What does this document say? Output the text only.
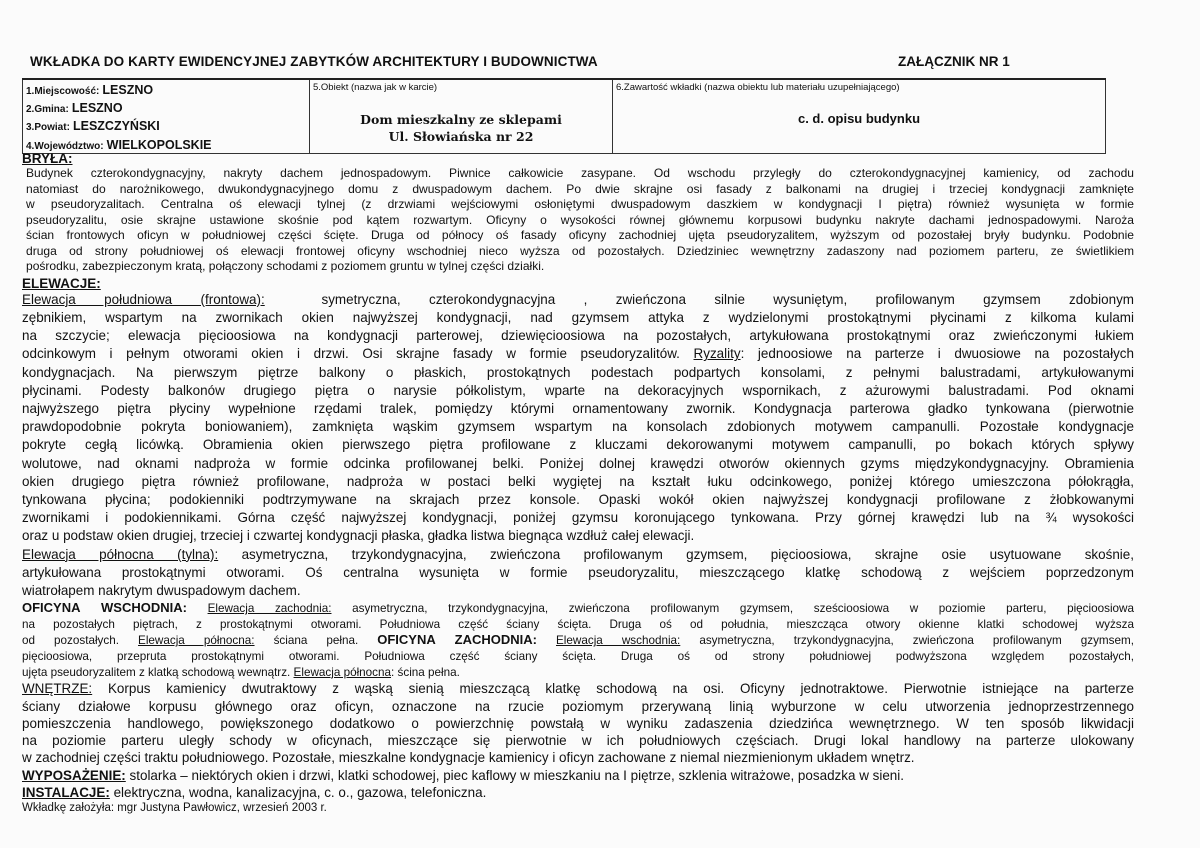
WKŁADKA DO KARTY EWIDENCYJNEJ ZABYTKÓW ARCHITEKTURY I BUDOWNICTWA	ZAŁĄCZNIK NR 1
1.Miejscowość: LESZNO
2.Gmina: LESZNO
3.Powiat: LESZCZYŃSKI
4.Województwo: WIELKOPOLSKIE
5.Obiekt (nazwa jak w karcie)
Dom mieszkalny ze sklepami
Ul. Słowiańska nr 22
6.Zawartość wkładki (nazwa obiektu lub materiału uzupełniającego)
c. d. opisu budynku
BRYŁA:
Budynek czterokondygnacyjny, nakryty dachem jednospadowym. Piwnice całkowicie zasypane. Od wschodu przyległy do czterokondygnacyjnej kamienicy, od zachodu
natomiast do narożnikowego, dwukondygnacyjnego domu z dwuspadowym dachem. Po dwie skrajne osi fasady z balkonami na drugiej i trzeciej kondygnacji zamknięte
w pseudoryzalitach. Centralna oś elewacji tylnej (z drzwiami wejściowymi osłoniętymi dwuspadowym daszkiem w kondygnacji I piętra) również wysunięta w formie
pseudoryzalitu, osie skrajne ustawione skośnie pod kątem rozwartym. Oficyny o wysokości równej głównemu korpusowi budynku nakryte dachami jednospadowymi. Naroża
ścian frontowych oficyn w południowej części ścięte. Druga od północy oś fasady oficyny zachodniej ujęta pseudoryzalitem, wyższym od pozostałej bryły budynku. Podobnie
druga od strony południowej oś elewacji frontowej oficyny wschodniej nieco wyższa od pozostałych. Dziedziniec wewnętrzny zadaszony nad poziomem parteru, ze świetlikiem
pośrodku, zabezpieczonym kratą, połączony schodami z poziomem gruntu w tylnej części działki.
ELEWACJE:
Elewacja południowa (frontowa):	symetryczna, czterokondygnacyjna , zwieńczona silnie wysuniętym, profilowanym gzymsem zdobionym
zębnikiem, wspartym na zwornikach okien najwyższej kondygnacji, nad gzymsem attyka z wydzielonymi prostokątnymi płycinami z kilkoma kulami
na szczycie; elewacja pięcioosiowa na kondygnacji parterowej, dziewięcioosiowa na pozostałych, artykułowana prostokątnymi oraz zwieńczonymi łukiem
odcinkowym i pełnym otworami okien i drzwi. Osi skrajne fasady w formie pseudoryzalitów. Ryzality: jednoosiowe na parterze i dwuosiowe na pozostałych
kondygnacjach. Na pierwszym piętrze balkony o płaskich, prostokątnych podestach podpartych konsolami, z pełnymi balustradami, artykułowanymi
płycinami. Podesty balkonów drugiego piętra o narysie półkolistym, wparte na dekoracyjnych wspornikach, z ażurowymi balustradami. Pod oknami
najwyższego piętra płyciny wypełnione rzędami tralek, pomiędzy którymi ornamentowany zwornik. Kondygnacja parterowa gładko tynkowana (pierwotnie
prawdopodobnie pokryta boniowaniem), zamknięta wąskim gzymsem wspartym na konsolach zdobionych motywem campanulli. Pozostałe kondygnacje
pokryte cegłą licówką. Obramienia okien pierwszego piętra profilowane z kluczami dekorowanymi motywem campanulli, po bokach których spływy
wolutowe, nad oknami nadproża w formie odcinka profilowanej belki. Poniżej dolnej krawędzi otworów okiennych gzyms międzykondygnacyjny. Obramienia
okien drugiego piętra również profilowane, nadproża w postaci belki wygiętej na kształt łuku odcinkowego, poniżej którego umieszczona półokrągła,
tynkowana płycina; podokienniki podtrzymywane na skrajach przez konsole. Opaski wokół okien najwyższej kondygnacji profilowane z żłobkowanymi
zwornikami i podokiennikami. Górna część najwyższej kondygnacji, poniżej gzymsu koronującego tynkowana. Przy górnej krawędzi lub na ¾ wysokości
oraz u podstaw okien drugiej, trzeciej i czwartej kondygnacji płaska, gładka listwa biegnąca wzdłuż całej elewacji.
Elewacja północna (tylna): asymetryczna, trzykondygnacyjna, zwieńczona profilowanym gzymsem, pięcioosiowa, skrajne osie usytuowane skośnie,
artykułowana prostokątnymi otworami. Oś centralna wysunięta w formie pseudoryzalitu, mieszczącego klatkę schodową z wejściem poprzedzonym
wiatrołapem nakrytym dwuspadowym dachem.
OFICYNA WSCHODNIA: Elewacja zachodnia: asymetryczna, trzykondygnacyjna, zwieńczona profilowanym gzymsem, sześcioosiowa w poziomie parteru, pięcioosiowa
na pozostałych piętrach, z prostokątnymi otworami. Południowa część ściany ścięta. Druga oś od południa, mieszcząca otwory okienne klatki schodowej wyższa
od pozostałych. Elewacja północna: ściana pełna. OFICYNA ZACHODNIA: Elewacja wschodnia: asymetryczna, trzykondygnacyjna, zwieńczona profilowanym gzymsem,
pięcioosiowa, przepruta prostokątnymi otworami. Południowa część ściany ścięta. Druga oś od strony południowej podwyższona względem pozostałych,
ujęta pseudoryzalitem z klatką schodową wewnątrz. Elewacja północna: ścina pełna.
WNĘTRZE: Korpus kamienicy dwutraktowy z wąską sienią mieszczącą klatkę schodową na osi. Oficyny jednotraktowe. Pierwotnie istniejące na parterze
ściany działowe korpusu głównego oraz oficyn, oznaczone na rzucie poziomym przerywaną linią wyburzone w celu utworzenia jednoprzestrzennego
pomieszczenia handlowego, powiększonego dodatkowo o powierzchnię powstałą w wyniku zadaszenia dziedzińca wewnętrznego. W ten sposób likwidacji
na poziomie parteru uległy schody w oficynach, mieszczące się pierwotnie w ich południowych częściach. Drugi lokal handlowy na parterze ulokowany
w zachodniej części traktu południowego. Pozostałe, mieszkalne kondygnacje kamienicy i oficyn zachowane z niemal niezmienionym układem wnętrz.
WYPOSAŻENIE: stolarka – niektórych okien i drzwi, klatki schodowej, piec kaflowy w mieszkaniu na I piętrze, szklenia witrażowe, posadzka w sieni.
INSTALACJE: elektryczna, wodna, kanalizacyjna, c. o., gazowa, telefoniczna.
Wkładkę założyła: mgr Justyna Pawłowicz, wrzesień 2003 r.
